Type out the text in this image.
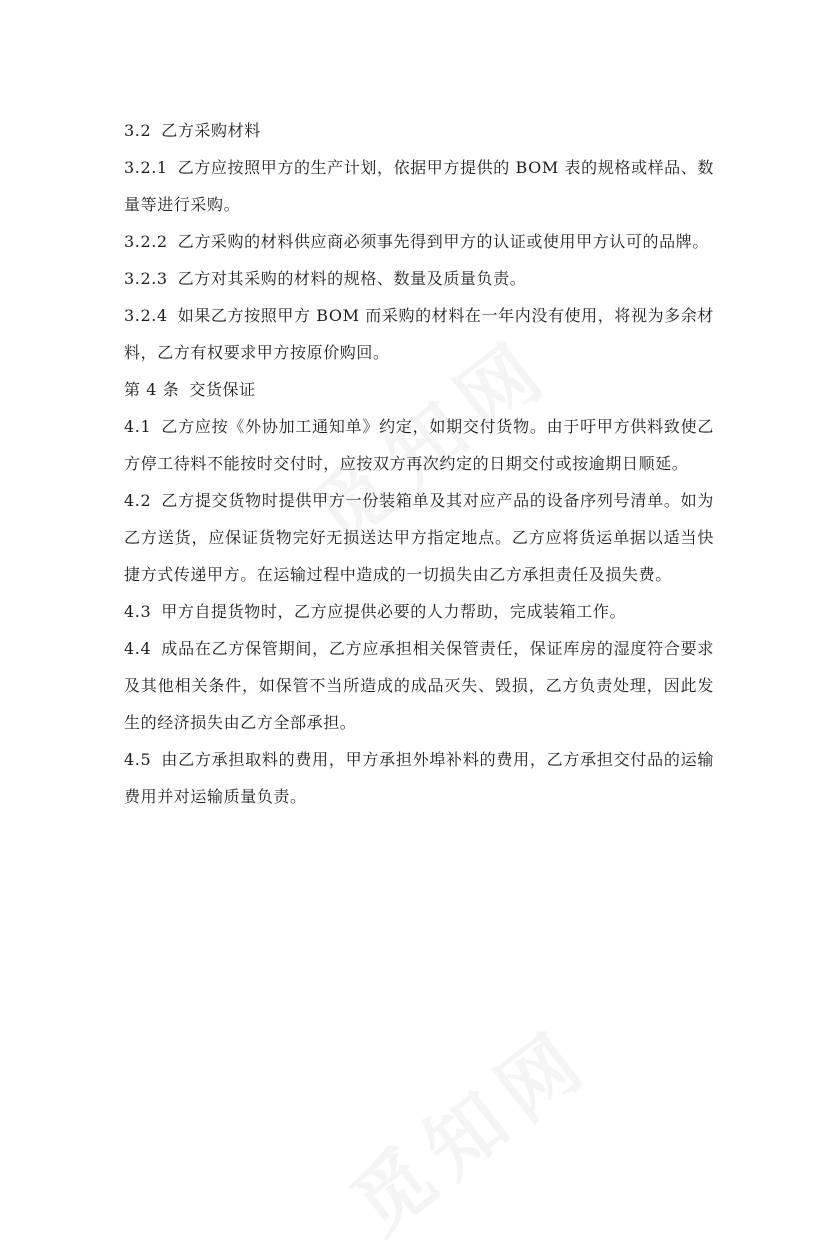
3.2 乙方采购材料

3.2.1 乙方应按照甲方的生产计划，依据甲方提供的 BOM 表的规格或样品、数量等进行采购。

3.2.2 乙方采购的材料供应商必须事先得到甲方的认证或使用甲方认可的品牌。

3.2.3 乙方对其采购的材料的规格、数量及质量负责。

3.2.4 如果乙方按照甲方 BOM 而采购的材料在一年内没有使用，将视为多余材料，乙方有权要求甲方按原价购回。

第 4 条 交货保证

4.1 乙方应按《外协加工通知单》约定，如期交付货物。由于吁甲方供料致使乙方停工待料不能按时交付时，应按双方再次约定的日期交付或按逾期日顺延。

4.2 乙方提交货物时提供甲方一份装箱单及其对应产品的设备序列号清单。如为乙方送货，应保证货物完好无损送达甲方指定地点。乙方应将货运单据以适当快捷方式传递甲方。在运输过程中造成的一切损失由乙方承担责任及损失费。

4.3 甲方自提货物时，乙方应提供必要的人力帮助，完成装箱工作。

4.4 成品在乙方保管期间，乙方应承担相关保管责任，保证库房的湿度符合要求及其他相关条件，如保管不当所造成的成品灭失、毁损，乙方负责处理，因此发生的经济损失由乙方全部承担。

4.5 由乙方承担取料的费用，甲方承担外埠补料的费用，乙方承担交付品的运输费用并对运输质量负责。
